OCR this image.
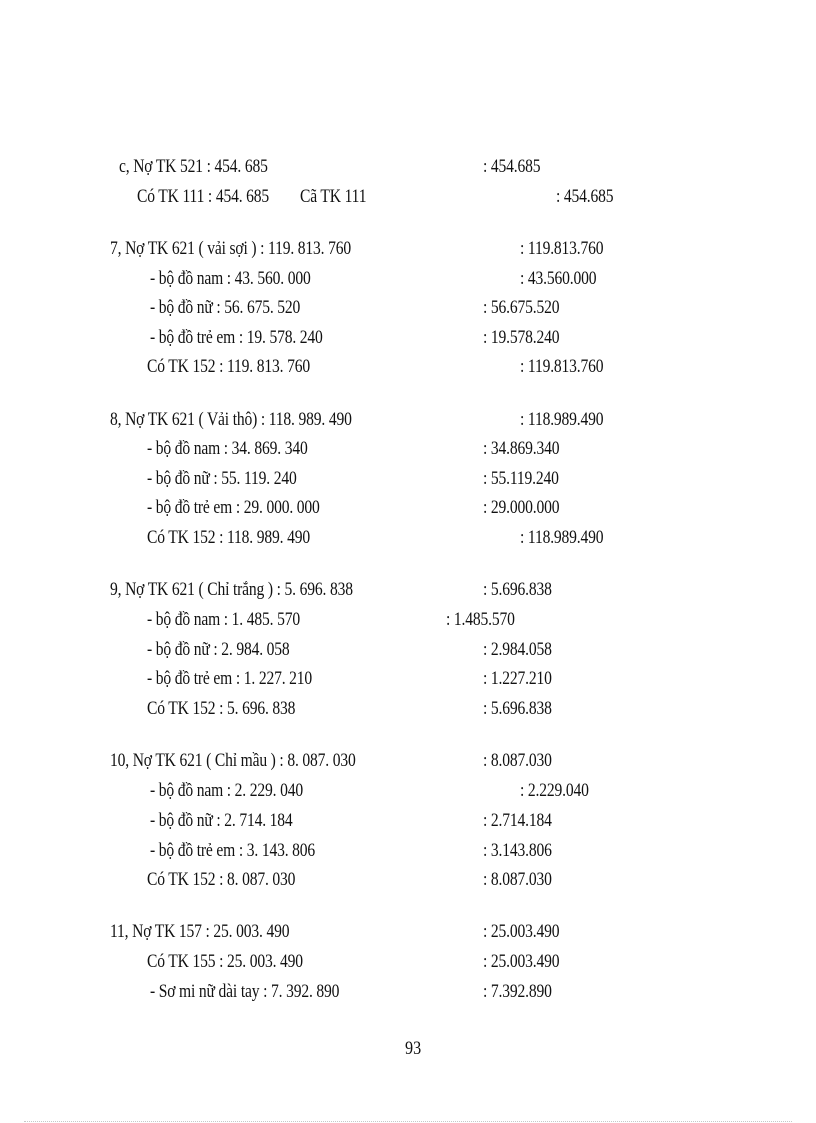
c, Nợ TK 521 : 454. 685	: 454.685
Có TK 111 : 454. 685 Cã TK 111	: 454.685
7, Nợ TK 621 ( vải sợi ) : 119. 813. 760	: 119.813.760
- bộ đồ nam : 43. 560. 000	: 43.560.000
- bộ đồ nữ : 56. 675. 520	: 56.675.520
- bộ đồ trẻ em : 19. 578. 240	: 19.578.240
Có TK 152 : 119. 813. 760	: 119.813.760
8, Nợ TK 621 ( Vải thô) : 118. 989. 490	: 118.989.490
- bộ đồ nam : 34. 869. 340	: 34.869.340
- bộ đồ nữ : 55. 119. 240	: 55.119.240
- bộ đồ trẻ em : 29. 000. 000	: 29.000.000
Có TK 152 : 118. 989. 490	: 118.989.490
9, Nợ TK 621 ( Chỉ trắng ) : 5. 696. 838	: 5.696.838
- bộ đồ nam : 1. 485. 570	: 1.485.570
- bộ đồ nữ : 2. 984. 058	: 2.984.058
- bộ đồ trẻ em : 1. 227. 210	: 1.227.210
Có TK 152 : 5. 696. 838	: 5.696.838
10, Nợ TK 621 ( Chỉ mầu ) : 8. 087. 030	: 8.087.030
- bộ đồ nam : 2. 229. 040	: 2.229.040
- bộ đồ nữ : 2. 714. 184	: 2.714.184
- bộ đồ trẻ em : 3. 143. 806	: 3.143.806
Có TK 152 : 8. 087. 030	: 8.087.030
11, Nợ TK 157 : 25. 003. 490	: 25.003.490
Có TK 155 : 25. 003. 490	: 25.003.490
- Sơ mi nữ dài tay : 7. 392. 890	: 7.392.890
93
